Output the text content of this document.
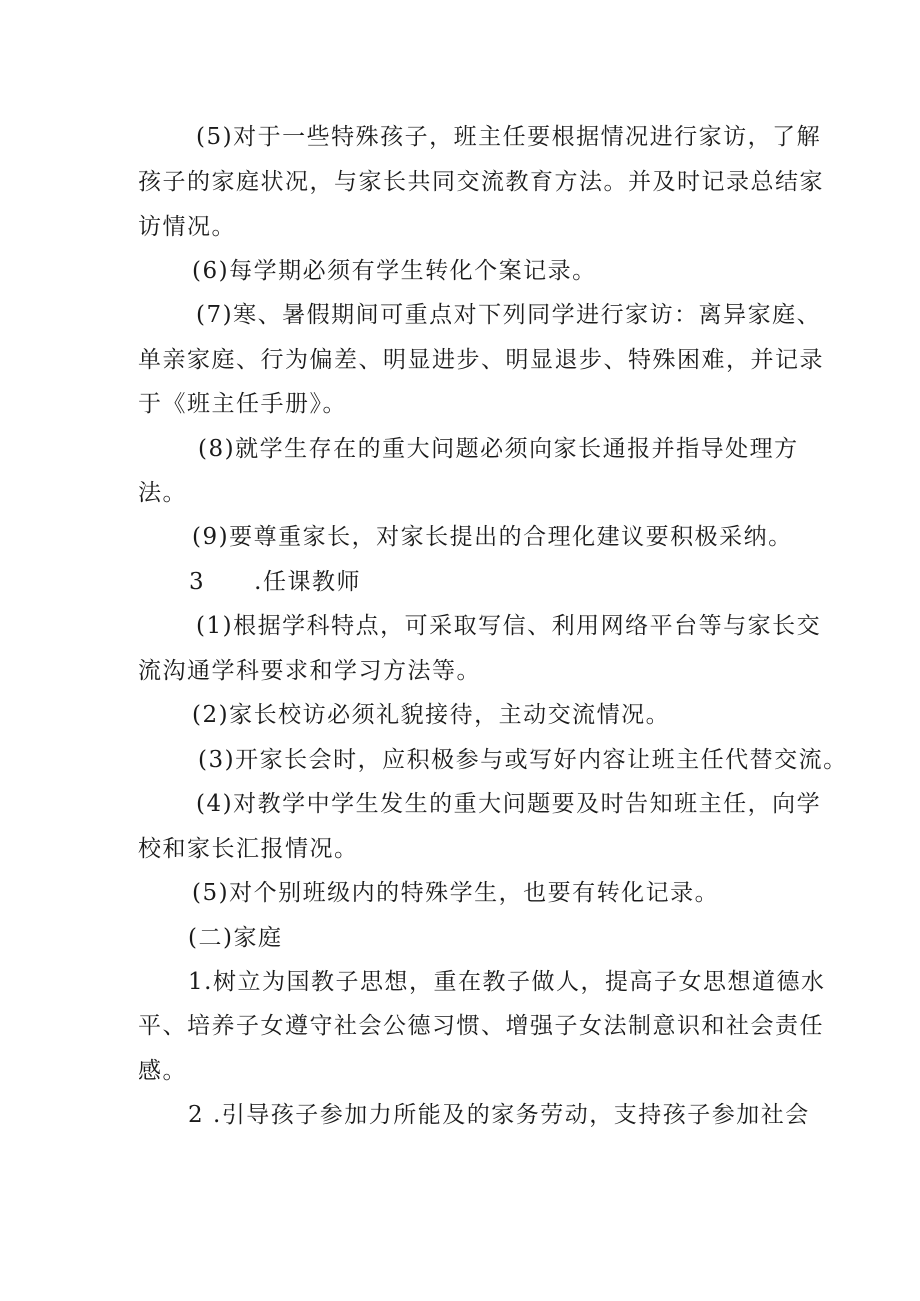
(5)对于一些特殊孩子，班主任要根据情况进行家访，了解
孩子的家庭状况，与家长共同交流教育方法。并及时记录总结家
访情况。
(6)每学期必须有学生转化个案记录。
(7)寒、暑假期间可重点对下列同学进行家访：离异家庭、
单亲家庭、行为偏差、明显进步、明显退步、特殊困难，并记录
于《班主任手册》。
(8)就学生存在的重大问题必须向家长通报并指导处理方
法。
(9)要尊重家长，对家长提出的合理化建议要积极采纳。
3　　.任课教师
(1)根据学科特点，可采取写信、利用网络平台等与家长交
流沟通学科要求和学习方法等。
(2)家长校访必须礼貌接待，主动交流情况。
(3)开家长会时，应积极参与或写好内容让班主任代替交流。
(4)对教学中学生发生的重大问题要及时告知班主任，向学
校和家长汇报情况。
(5)对个别班级内的特殊学生，也要有转化记录。
(二)家庭
1.树立为国教子思想，重在教子做人，提高子女思想道德水
平、培养子女遵守社会公德习惯、增强子女法制意识和社会责任
感。
2 .引导孩子参加力所能及的家务劳动，支持孩子参加社会
